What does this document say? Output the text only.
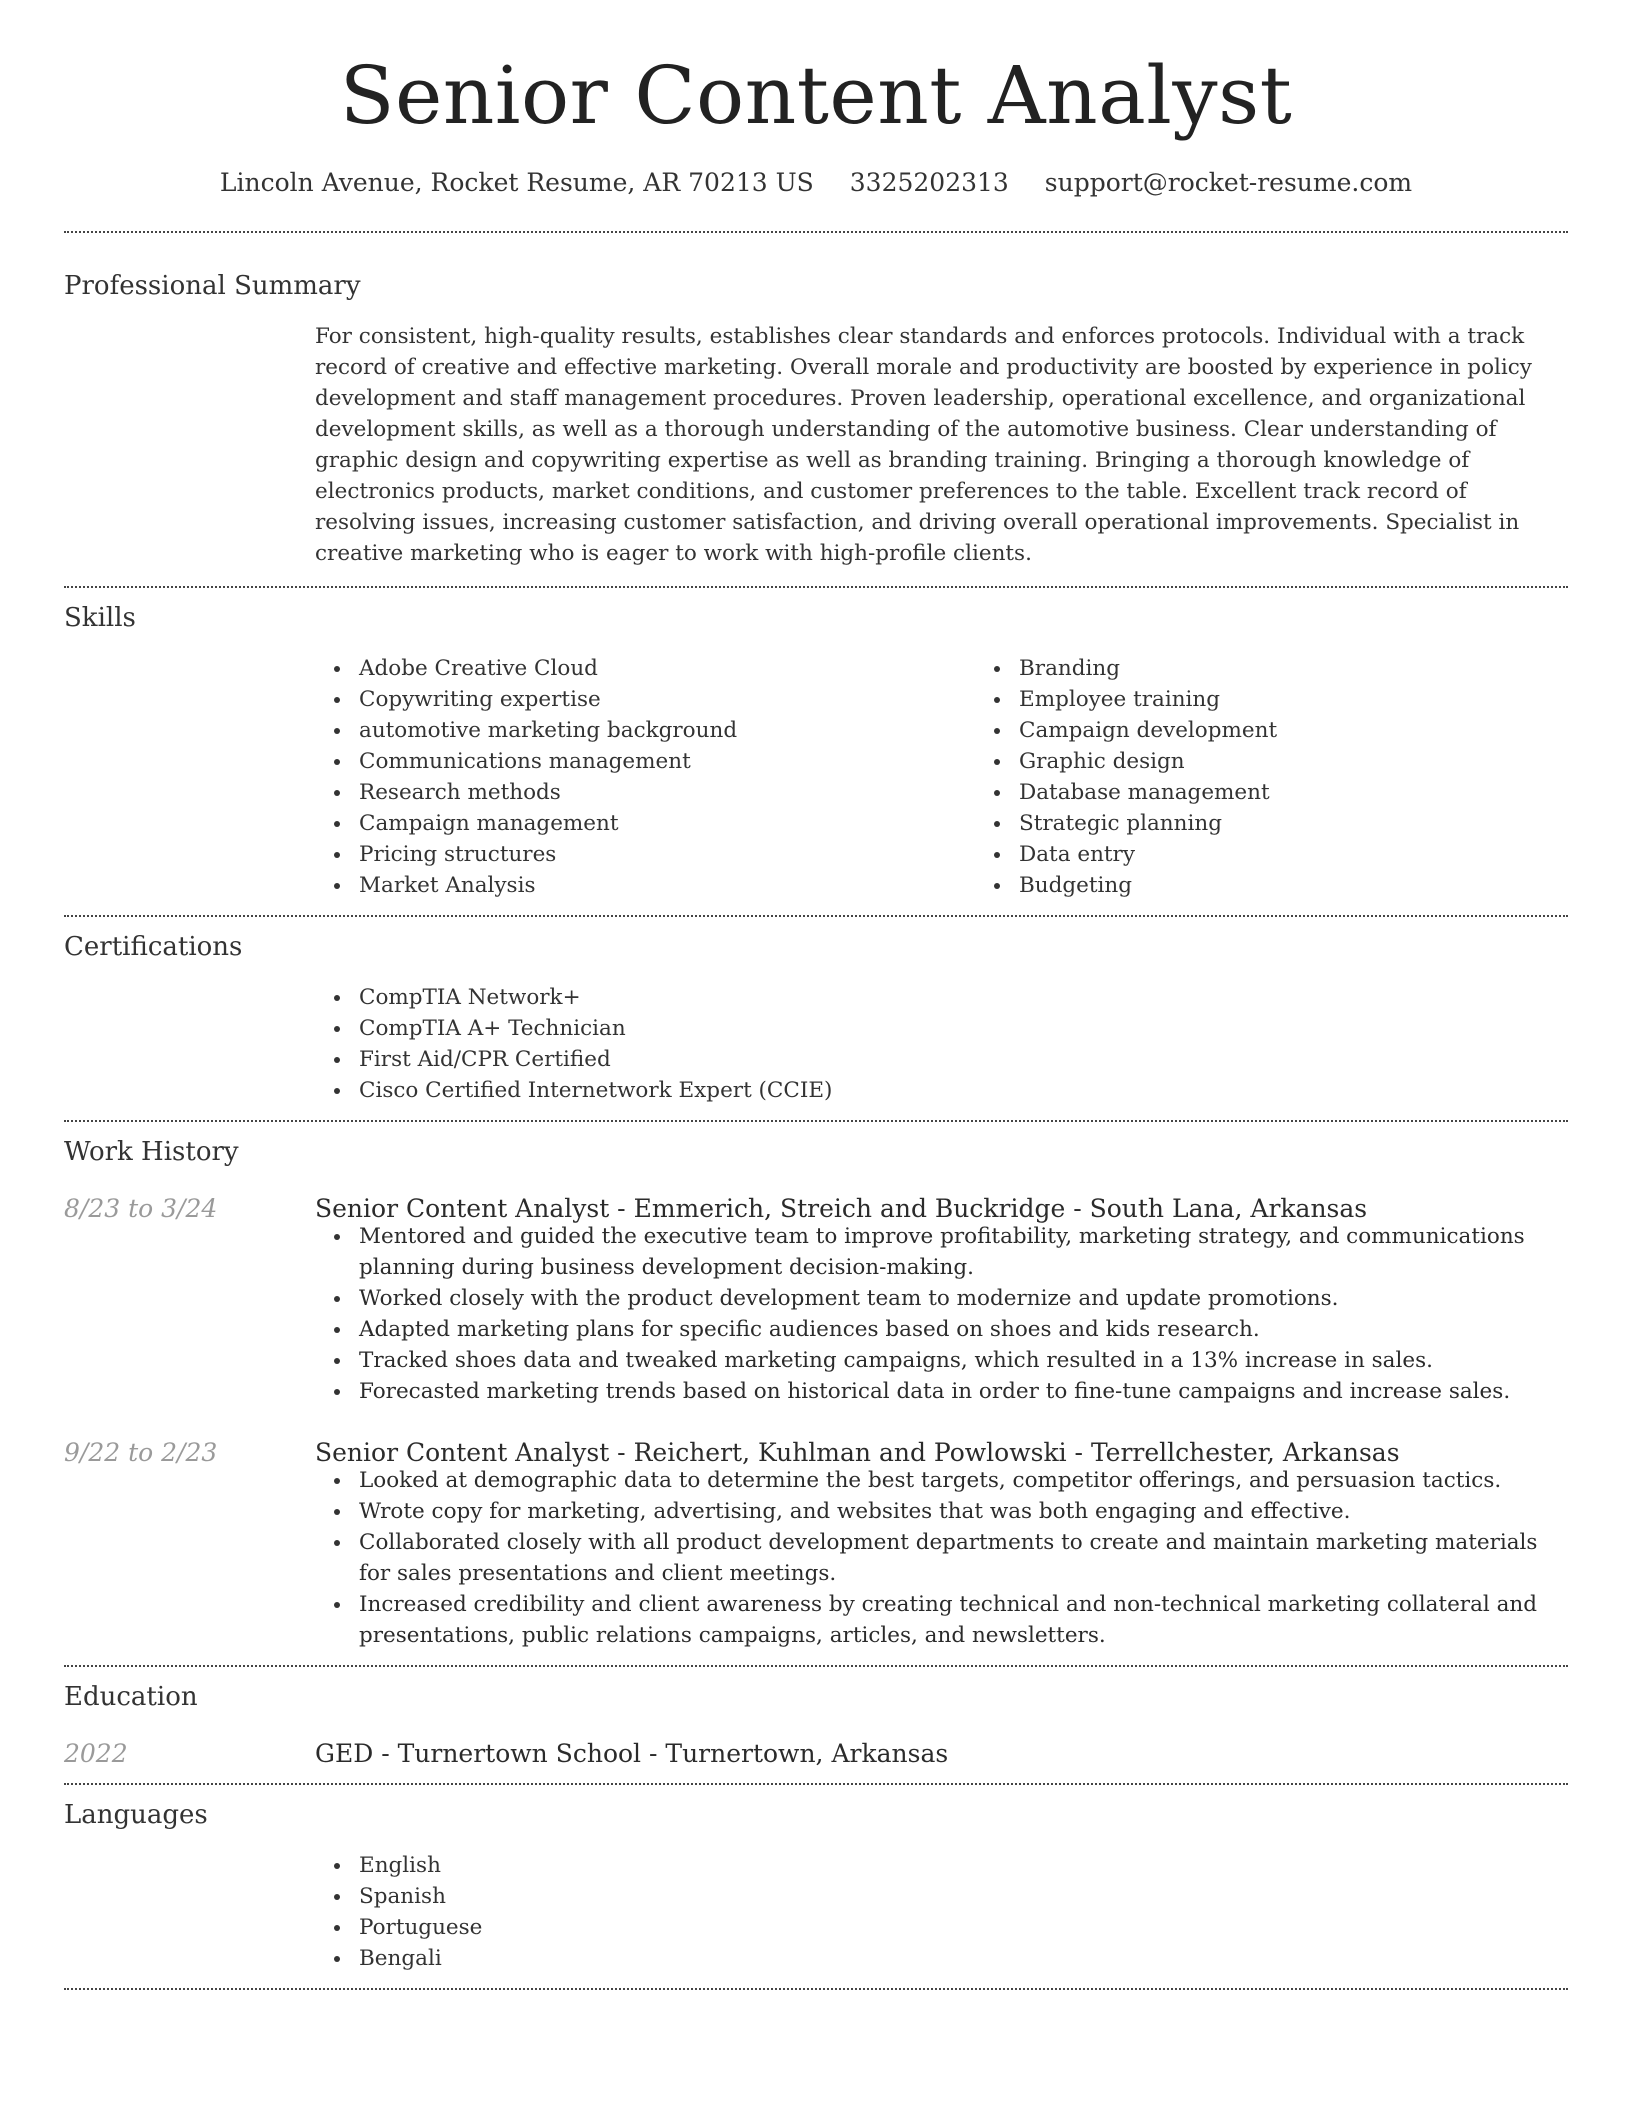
Senior Content Analyst
Lincoln Avenue, Rocket Resume, AR 70213 US 3325202313 support@rocket-resume.com
Professional Summary
For consistent, high-quality results, establishes clear standards and enforces protocols. Individual with a track record of creative and effective marketing. Overall morale and productivity are boosted by experience in policy development and staff management procedures. Proven leadership, operational excellence, and organizational development skills, as well as a thorough understanding of the automotive business. Clear understanding of graphic design and copywriting expertise as well as branding training. Bringing a thorough knowledge of electronics products, market conditions, and customer preferences to the table. Excellent track record of resolving issues, increasing customer satisfaction, and driving overall operational improvements. Specialist in creative marketing who is eager to work with high-profile clients.
Skills
Adobe Creative Cloud
Copywriting expertise
automotive marketing background
Communications management
Research methods
Campaign management
Pricing structures
Market Analysis
Branding
Employee training
Campaign development
Graphic design
Database management
Strategic planning
Data entry
Budgeting
Certifications
CompTIA Network+
CompTIA A+ Technician
First Aid/CPR Certified
Cisco Certified Internetwork Expert (CCIE)
Work History
8/23 to 3/24	Senior Content Analyst - Emmerich, Streich and Buckridge - South Lana, Arkansas
Mentored and guided the executive team to improve profitability, marketing strategy, and communications planning during business development decision-making.
Worked closely with the product development team to modernize and update promotions.
Adapted marketing plans for specific audiences based on shoes and kids research.
Tracked shoes data and tweaked marketing campaigns, which resulted in a 13% increase in sales.
Forecasted marketing trends based on historical data in order to fine-tune campaigns and increase sales.
9/22 to 2/23	Senior Content Analyst - Reichert, Kuhlman and Powlowski - Terrellchester, Arkansas
Looked at demographic data to determine the best targets, competitor offerings, and persuasion tactics.
Wrote copy for marketing, advertising, and websites that was both engaging and effective.
Collaborated closely with all product development departments to create and maintain marketing materials for sales presentations and client meetings.
Increased credibility and client awareness by creating technical and non-technical marketing collateral and presentations, public relations campaigns, articles, and newsletters.
Education
2022	GED - Turnertown School - Turnertown, Arkansas
Languages
English
Spanish
Portuguese
Bengali
